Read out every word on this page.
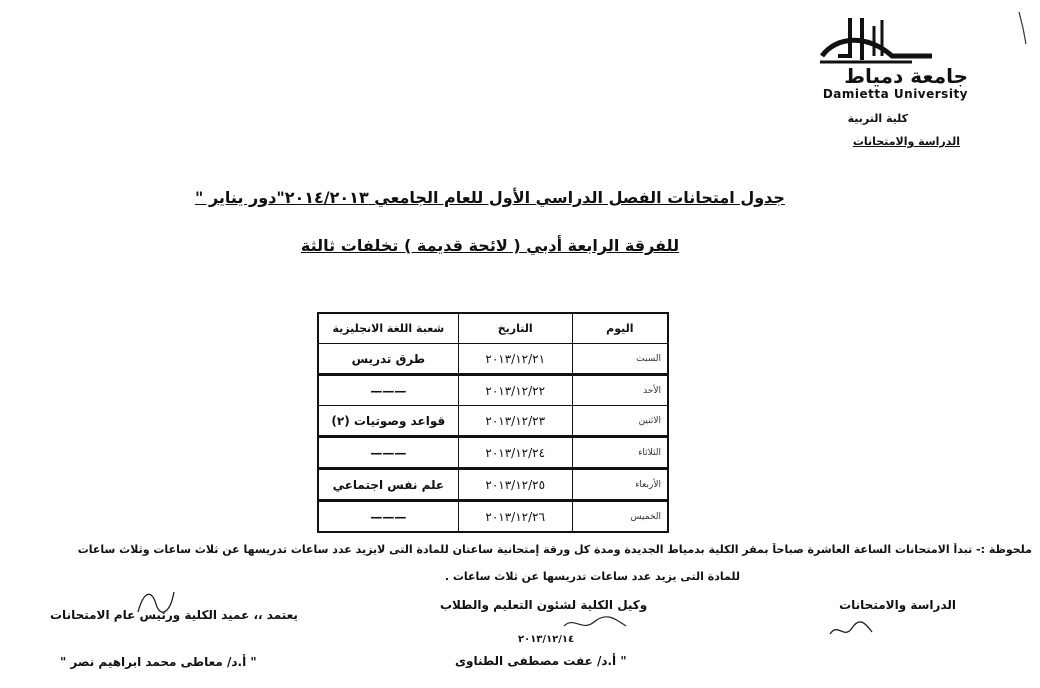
جامعة دمياط
Damietta University
كلية التربية
الدراسة والامتحانات
جدول امتحانات الفصل الدراسي الأول للعام الجامعي ٢٠١٤/٢٠١٣"دور يناير "
للفرقة الرابعة أدبي ( لائحة قديمة ) تخلفات ثالثة
اليوم	التاريخ	شعبة اللغة الانجليزية
السبت	٢٠١٣/١٢/٢١	طرق تدريس
الأحد	٢٠١٣/١٢/٢٢	———
الاثنين	٢٠١٣/١٢/٢٣	قواعد وصوتيات (٢)
الثلاثاء	٢٠١٣/١٢/٢٤	———
الأربعاء	٢٠١٣/١٢/٢٥	علم نفس اجتماعي
الخميس	٢٠١٣/١٢/٢٦	———
ملحوظة :- تبدأ الامتحانات الساعة العاشرة صباحاً بمقر الكلية بدمياط الجديدة ومدة كل ورقة إمتحانية ساعتان للمادة التى لايزيد عدد ساعات تدريسها عن ثلاث ساعات وثلاث ساعات
للمادة التى يزيد عدد ساعات تدريسها عن ثلاث ساعات .
الدراسة والامتحانات
وكيل الكلية لشئون التعليم والطلاب
٢٠١٣/١٢/١٤
" أ.د/ عفت مصطفى الطناوى
يعتمد ،، عميد الكلية ورئيس عام الامتحانات
" أ.د/ معاطى محمد ابراهيم نصر "
